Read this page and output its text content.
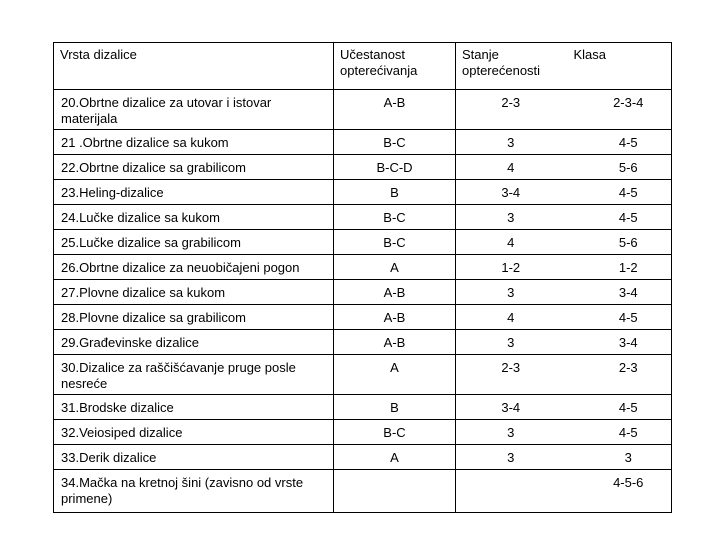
Vrsta dizalice	Učestanost opterećivanja	Stanje opterećenosti	Klasa
20.Obrtne dizalice za utovar i istovar materijala	A-B	2-3	2-3-4
21 .Obrtne dizalice sa kukom	B-C	3	4-5
22.Obrtne dizalice sa grabilicom	B-C-D	4	5-6
23.Heling-dizalice	B	3-4	4-5
24.Lučke dizalice sa kukom	B-C	3	4-5
25.Lučke dizalice sa grabilicom	B-C	4	5-6
26.Obrtne dizalice za neuobičajeni pogon	A	1-2	1-2
27.Plovne dizalice sa kukom	A-B	3	3-4
28.Plovne dizalice sa grabilicom	A-B	4	4-5
29.Građevinske dizalice	A-B	3	3-4
30.Dizalice za raščišćavanje pruge posle nesreće	A	2-3	2-3
31.Brodske dizalice	B	3-4	4-5
32.Veiosiped dizalice	B-C	3	4-5
33.Derik dizalice	A	3	3
34.Mačka na kretnoj šini (zavisno od vrste primene)			4-5-6
